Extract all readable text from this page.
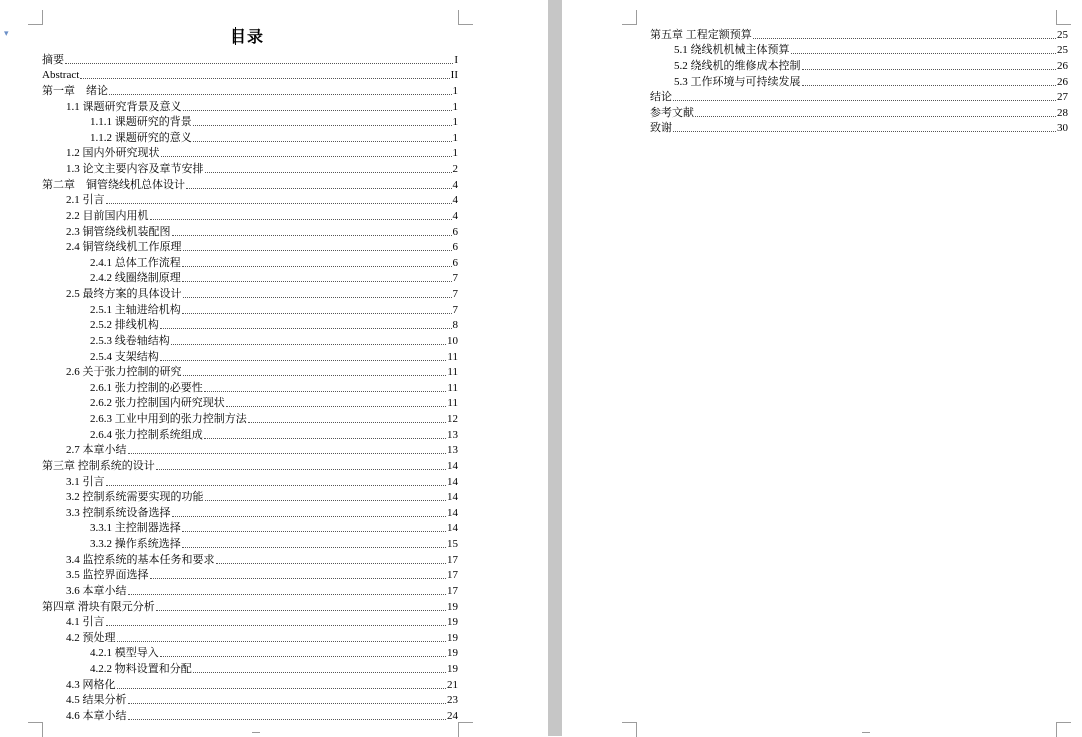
▾	目录
摘要	I
Abstract	II
第一章　绪论	1
1.1 课题研究背景及意义	1
1.1.1 课题研究的背景	1
1.1.2 课题研究的意义	1
1.2 国内外研究现状	1
1.3 论文主要内容及章节安排	2
第二章　铜管绕线机总体设计	4
2.1 引言	4
2.2 目前国内用机	4
2.3 铜管绕线机装配图	6
2.4 铜管绕线机工作原理	6
2.4.1 总体工作流程	6
2.4.2 线圈绕制原理	7
2.5 最终方案的具体设计	7
2.5.1 主轴进给机构	7
2.5.2 排线机构	8
2.5.3 线卷轴结构	10
2.5.4 支架结构	11
2.6 关于张力控制的研究	11
2.6.1 张力控制的必要性	11
2.6.2 张力控制国内研究现状	11
2.6.3 工业中用到的张力控制方法	12
2.6.4 张力控制系统组成	13
2.7 本章小结	13
第三章 控制系统的设计	14
3.1 引言	14
3.2 控制系统需要实现的功能	14
3.3 控制系统设备选择	14
3.3.1 主控制器选择	14
3.3.2 操作系统选择	15
3.4 监控系统的基本任务和要求	17
3.5 监控界面选择	17
3.6 本章小结	17
第四章 滑块有限元分析	19
4.1 引言	19
4.2 预处理	19
4.2.1 模型导入	19
4.2.2 物料设置和分配	19
4.3 网格化	21
4.5 结果分析	23
4.6 本章小结	24
第五章 工程定额预算	25
5.1 绕线机机械主体预算	25
5.2 绕线机的维修成本控制	26
5.3 工作环境与可持续发展	26
结论	27
参考文献	28
致谢	30
